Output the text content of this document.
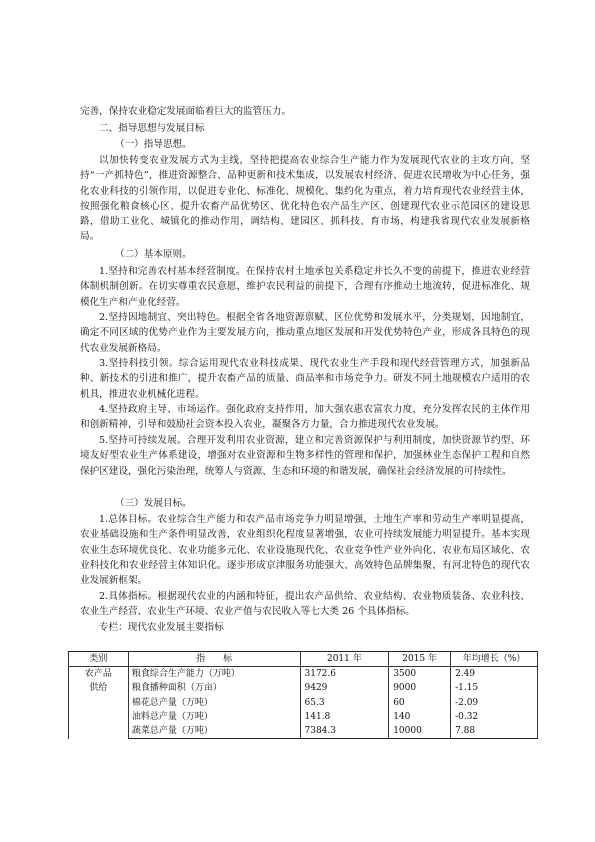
完善，保持农业稳定发展面临着巨大的监管压力。

二、指导思想与发展目标

（一）指导思想。

以加快转变农业发展方式为主线，坚持把提高农业综合生产能力作为发展现代农业的主攻方向，坚持“一产抓特色”，推进资源整合、品种更新和技术集成，以发展农村经济、促进农民增收为中心任务，强化农业科技的引领作用，以促进专业化、标准化、规模化、集约化为重点，着力培育现代农业经营主体，按照强化粮食核心区、提升农畜产品优势区、优化特色农产品生产区、创建现代农业示范园区的建设思路，借助工业化、城镇化的推动作用，调结构、建园区、抓科技、育市场，构建我省现代农业发展新格局。

（二）基本原则。

1.坚持和完善农村基本经营制度。在保持农村土地承包关系稳定并长久不变的前提下，推进农业经营体制机制创新。在切实尊重农民意愿，维护农民利益的前提下，合理有序推动土地流转，促进标准化、规模化生产和产业化经营。

2.坚持因地制宜、突出特色。根据全省各地资源禀赋、区位优势和发展水平，分类规划，因地制宜，确定不同区域的优势产业作为主要发展方向，推动重点地区发展和开发优势特色产业，形成各具特色的现代农业发展新格局。

3.坚持科技引领。综合运用现代农业科技成果、现代农业生产手段和现代经营管理方式，加强新品种、新技术的引进和推广，提升农畜产品的质量、商品率和市场竞争力。研发不同土地规模农户适用的农机具，推进农业机械化进程。

4.坚持政府主导、市场运作。强化政府支持作用，加大强农惠农富农力度，充分发挥农民的主体作用和创新精神，引导和鼓励社会资本投入农业，凝聚各方力量，合力推进现代农业发展。

5.坚持可持续发展。合理开发利用农业资源，建立和完善资源保护与利用制度，加快资源节约型、环境友好型农业生产体系建设，增强对农业资源和生物多样性的管理和保护，加强林业生态保护工程和自然保护区建设，强化污染治理，统筹人与资源、生态和环境的和谐发展，确保社会经济发展的可持续性。

（三）发展目标。

1.总体目标。农业综合生产能力和农产品市场竞争力明显增强，土地生产率和劳动生产率明显提高，农业基础设施和生产条件明显改善，农业组织化程度显著增强，农业可持续发展能力明显提升。基本实现农业生态环境优良化、农业功能多元化、农业设施现代化、农业竞争性产业外向化、农业布局区域化、农业科技化和农业经营主体知识化。逐步形成京津服务功能强大、高效特色品牌集聚，有河北特色的现代农业发展新框架。

2.具体指标。根据现代农业的内涵和特征，提出农产品供给、农业结构、农业物质装备、农业科技、农业生产经营、农业生产环境、农业产值与农民收入等七大类 26 个具体指标。

专栏：现代农业发展主要指标

类别	指　　标	2011 年	2015 年	年均增长（%）

农产品
供给	粮食综合生产能力（万吨）	3172.6	3500	2.49
	粮食播种面积（万亩）	9429	9000	-1.15
	棉花总产量（万吨）	65.3	60	-2.09
	油料总产量（万吨）	141.8	140	-0.32
	蔬菜总产量（万吨）	7384.3	10000	7.88
